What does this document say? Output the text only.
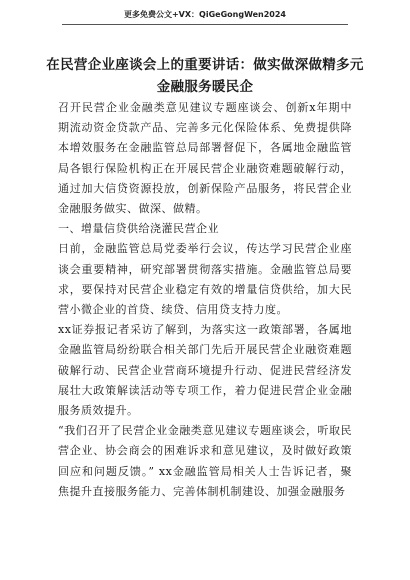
更多免费公文+VX：QiGeGongWen2024
在民营企业座谈会上的重要讲话：做实做深做精多元
金融服务暖民企

召开民营企业金融类意见建议专题座谈会、创新x年期中期流动资金贷款产品、完善多元化保险体系、免费提供降本增效服务在金融监管总局部署督促下，各属地金融监管局各银行保险机构正在开展民营企业融资难题破解行动，通过加大信贷资源投放，创新保险产品服务，将民营企业金融服务做实、做深、做精。

一、增量信贷供给浇灌民营企业

日前，金融监管总局党委举行会议，传达学习民营企业座谈会重要精神，研究部署贯彻落实措施。金融监管总局要求，要保持对民营企业稳定有效的增量信贷供给，加大民营小微企业的首贷、续贷、信用贷支持力度。

xx证券报记者采访了解到，为落实这一政策部署，各属地金融监管局纷纷联合相关部门先后开展民营企业融资难题破解行动、民营企业营商环境提升行动、促进民营经济发展壮大政策解读活动等专项工作，着力促进民营企业金融服务质效提升。

“我们召开了民营企业金融类意见建议专题座谈会，听取民营企业、协会商会的困难诉求和意见建议，及时做好政策回应和问题反馈。” xx金融监管局相关人士告诉记者，聚焦提升直接服务能力、完善体制机制建设、加强金融服务
